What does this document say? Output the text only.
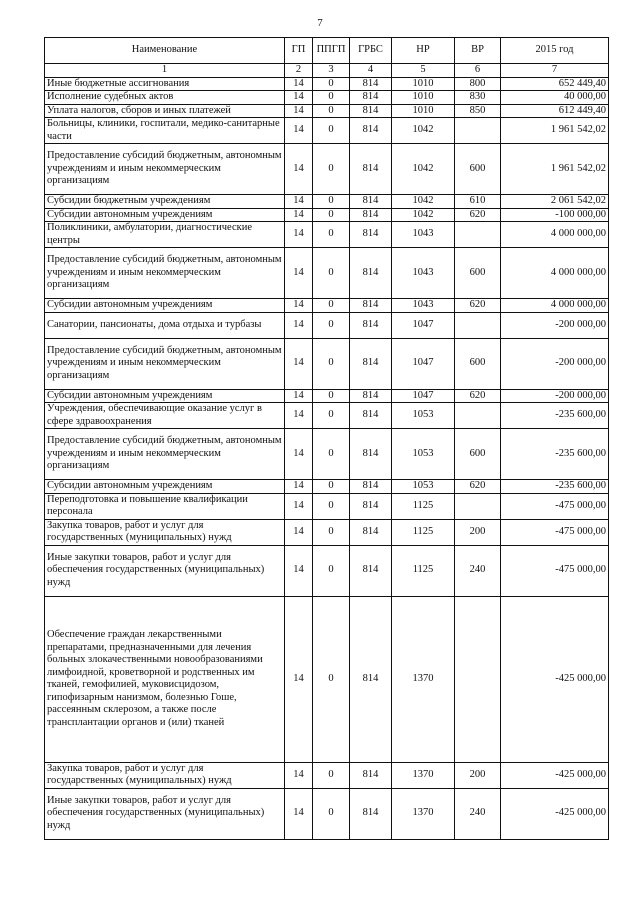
7
Наименование	ГП	ППГП	ГРБС	НР	ВР	2015 год
1	2	3	4	5	6	7
Иные бюджетные ассигнования	14	0	814	1010	800	652 449,40
Исполнение судебных актов	14	0	814	1010	830	40 000,00
Уплата налогов, сборов и иных платежей	14	0	814	1010	850	612 449,40
Больницы, клиники, госпитали, медико-санитарные части	14	0	814	1042		1 961 542,02
Предоставление субсидий бюджетным, автономным учреждениям и иным некоммерческим организациям	14	0	814	1042	600	1 961 542,02
Субсидии бюджетным учреждениям	14	0	814	1042	610	2 061 542,02
Субсидии автономным учреждениям	14	0	814	1042	620	-100 000,00
Поликлиники, амбулатории, диагностические центры	14	0	814	1043		4 000 000,00
Предоставление субсидий бюджетным, автономным учреждениям и иным некоммерческим организациям	14	0	814	1043	600	4 000 000,00
Субсидии автономным учреждениям	14	0	814	1043	620	4 000 000,00
Санатории, пансионаты, дома отдыха и турбазы	14	0	814	1047		-200 000,00
Предоставление субсидий бюджетным, автономным учреждениям и иным некоммерческим организациям	14	0	814	1047	600	-200 000,00
Субсидии автономным учреждениям	14	0	814	1047	620	-200 000,00
Учреждения, обеспечивающие оказание услуг в сфере здравоохранения	14	0	814	1053		-235 600,00
Предоставление субсидий бюджетным, автономным учреждениям и иным некоммерческим организациям	14	0	814	1053	600	-235 600,00
Субсидии автономным учреждениям	14	0	814	1053	620	-235 600,00
Переподготовка и повышение квалификации персонала	14	0	814	1125		-475 000,00
Закупка товаров, работ и услуг для государственных (муниципальных) нужд	14	0	814	1125	200	-475 000,00
Иные закупки товаров, работ и услуг для обеспечения государственных (муниципальных) нужд	14	0	814	1125	240	-475 000,00
Обеспечение граждан лекарственными препаратами, предназначенными для лечения больных злокачественными новообразованиями лимфоидной, кроветворной и родственных им тканей, гемофилией, муковисцидозом, гипофизарным нанизмом, болезнью Гоше, рассеянным склерозом, а также после трансплантации органов и (или) тканей	14	0	814	1370		-425 000,00
Закупка товаров, работ и услуг для государственных (муниципальных) нужд	14	0	814	1370	200	-425 000,00
Иные закупки товаров, работ и услуг для обеспечения государственных (муниципальных) нужд	14	0	814	1370	240	-425 000,00
